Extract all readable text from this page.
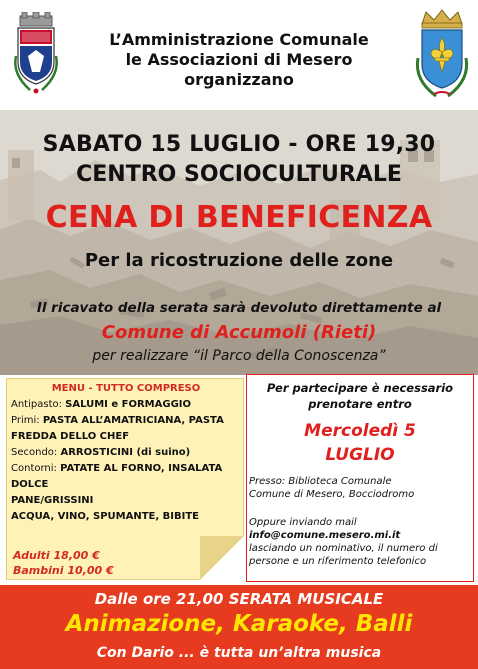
L’Amministrazione Comunale
le Associazioni di Mesero
organizzano
SABATO 15 LUGLIO - ORE 19,30
CENTRO SOCIOCULTURALE
CENA DI BENEFICENZA
Per la ricostruzione delle zone
Il ricavato della serata sarà devoluto direttamente al
Comune di Accumoli (Rieti)
per realizzare “il Parco della Conoscenza”
MENU - TUTTO COMPRESO
Antipasto: SALUMI e FORMAGGIO
Primi: PASTA ALL’AMATRICIANA, PASTA
FREDDA DELLO CHEF
Secondo: ARROSTICINI (di suino)
Contorni: PATATE AL FORNO, INSALATA
DOLCE
PANE/GRISSINI
ACQUA, VINO, SPUMANTE, BIBITE
Adulti 18,00 €
Bambini 10,00 €
Per partecipare è necessario
prenotare entro
Mercoledì 5
LUGLIO
Presso: Biblioteca Comunale
Comune di Mesero, Bocciodromo
Oppure inviando mail
info@comune.mesero.mi.it
lasciando un nominativo, il numero di
persone e un riferimento telefonico
Dalle ore 21,00 SERATA MUSICALE
Animazione, Karaoke, Balli
Con Dario ... è tutta un’altra musica
